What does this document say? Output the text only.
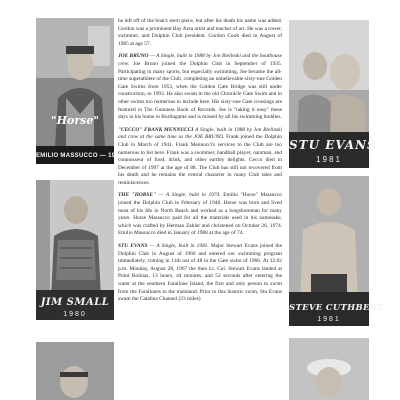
"Horse"
EMILIO MASSUCCO — 1974
STU EVANS
1981
JIM SMALL
1980
STEVE CUTHBERT
1981

he left off of the boat's stern piece, but after his death his name was added. Gordon was a prominent Bay Area artist and teacher of art. He was a rower, swimmer, and Dolphin Club president. Gordon Cook died in August of 1985 at age 57.

JOE BRUNO — A Single, built in 1988 by Jon Bielinski and the boathouse crew. Joe Bruno joined the Dolphin Club in September of 1935. Participating in many sports, but especially swimming, Joe became the all-time superathlete of the Club, completing an unbelievable sixty-one Golden Gate Swims from 1953, when the Golden Gate Bridge was still under construction, to 1993. He also swam in the old Chronicle Gate Swim and in other swims too numerous to include here. His sixty-one Gate crossings are featured in The Guinness Book of Records. Joe is "taking it easy" these days in his home in Burlingame and is missed by all his swimming buddies.

"CECCO" FRANK MENNUCCI A Single, built in 1988 by Jon Bielinski and crew at the same time as the JOE BRUNO. Frank joined the Dolphin Club in March of 1941. Frank Mennucci's services to the Club are too numerous to list here. Frank was a swimmer, handball player, oarsman, and connoisseur of food, drink, and other earthly delights. Cecco died in December of 1997 at the age of 88. The Club has still not recovered from his death and he remains the central character in many Club tales and reminiscences.

THE "HORSE" — A Single, built in 1974. Emilio "Horse" Massucco joined the Dolphin Club in February of 1948. Horse was born and lived most of his life in North Beach and worked as a longshoreman for many years. Horse Massucco paid for all the materials used in his namesake, which was crafted by Herman Zahler and christened on October 26, 1974. Emilio Massucco died in January of 1988 at the age of 74.

STU EVANS — A Single, built in 1981. Major Stewart Evans joined the Dolphin Club in August of 1966 and entered our swimming program immediately, coming in 11th out of 48 in the Gate swim of 1966. At 12:02 p.m. Monday, August 28, 1967 the then Lt. Col. Stewart Evans landed at Point Bolinas, 13 hours, 44 minutes, and 52 seconds after entering the water at the southern Farallone Island, the first and only person to swim from the Farallones to the mainland. Prior to this historic swim, Stu Evans swam the Catalina Channel (23 miles)
